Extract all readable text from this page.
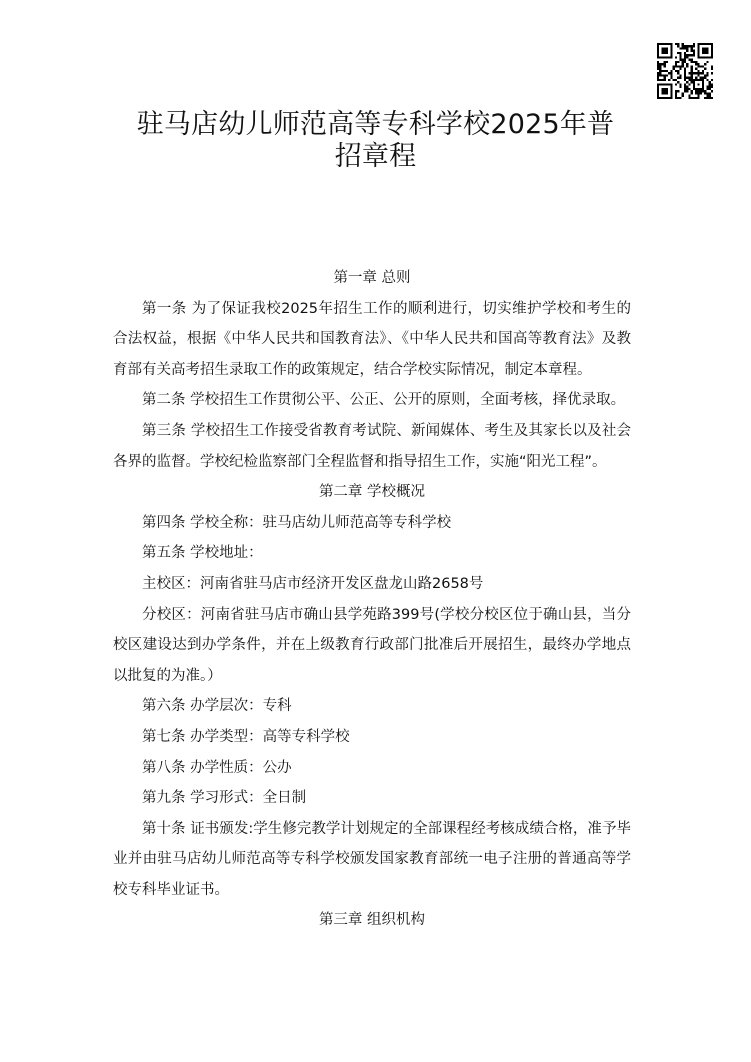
驻马店幼儿师范高等专科学校2025年普
招章程

第一章 总则

第一条 为了保证我校2025年招生工作的顺利进行，切实维护学校和考生的合法权益，根据《中华人民共和国教育法》、《中华人民共和国高等教育法》及教育部有关高考招生录取工作的政策规定，结合学校实际情况，制定本章程。

第二条 学校招生工作贯彻公平、公正、公开的原则，全面考核，择优录取。

第三条 学校招生工作接受省教育考试院、新闻媒体、考生及其家长以及社会各界的监督。学校纪检监察部门全程监督和指导招生工作，实施“阳光工程”。

第二章 学校概况

第四条 学校全称：驻马店幼儿师范高等专科学校

第五条 学校地址：

主校区：河南省驻马店市经济开发区盘龙山路2658号

分校区：河南省驻马店市确山县学苑路399号(学校分校区位于确山县，当分校区建设达到办学条件，并在上级教育行政部门批准后开展招生，最终办学地点以批复的为准。）

第六条 办学层次：专科

第七条 办学类型：高等专科学校

第八条 办学性质：公办

第九条 学习形式：全日制

第十条 证书颁发:学生修完教学计划规定的全部课程经考核成绩合格，准予毕业并由驻马店幼儿师范高等专科学校颁发国家教育部统一电子注册的普通高等学校专科毕业证书。

第三章 组织机构
